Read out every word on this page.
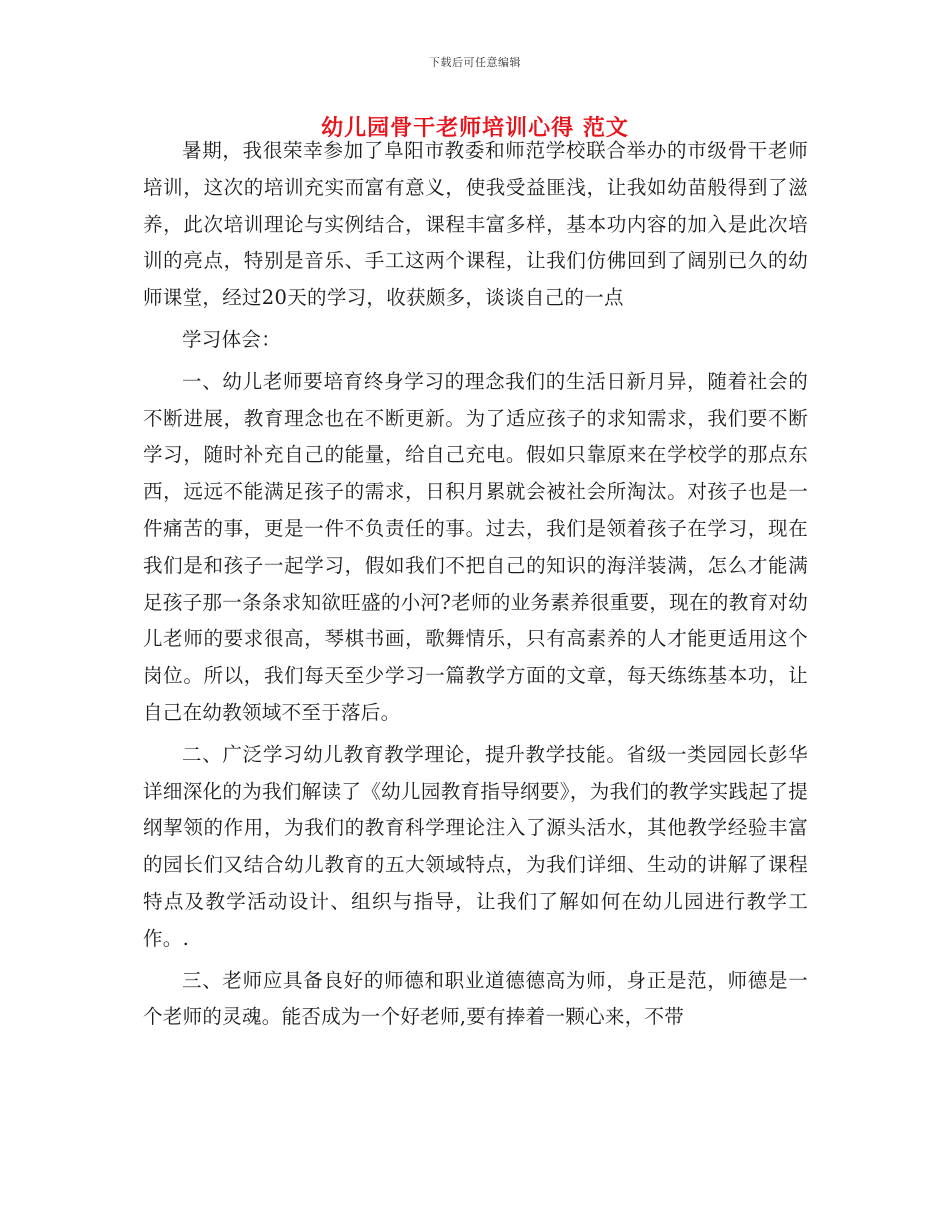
下载后可任意编辑
幼儿园骨干老师培训心得 范文

暑期，我很荣幸参加了阜阳市教委和师范学校联合举办的市级骨干老师培训，这次的培训充实而富有意义，使我受益匪浅，让我如幼苗般得到了滋养，此次培训理论与实例结合，课程丰富多样，基本功内容的加入是此次培训的亮点，特别是音乐、手工这两个课程，让我们仿佛回到了阔别已久的幼师课堂，经过20天的学习，收获颇多，谈谈自己的一点

学习体会：

一、幼儿老师要培育终身学习的理念我们的生活日新月异，随着社会的不断进展，教育理念也在不断更新。为了适应孩子的求知需求，我们要不断学习，随时补充自己的能量，给自己充电。假如只靠原来在学校学的那点东西，远远不能满足孩子的需求，日积月累就会被社会所淘汰。对孩子也是一件痛苦的事，更是一件不负责任的事。过去，我们是领着孩子在学习，现在我们是和孩子一起学习，假如我们不把自己的知识的海洋装满，怎么才能满足孩子那一条条求知欲旺盛的小河?老师的业务素养很重要，现在的教育对幼儿老师的要求很高，琴棋书画，歌舞情乐，只有高素养的人才能更适用这个岗位。所以，我们每天至少学习一篇教学方面的文章，每天练练基本功，让自己在幼教领域不至于落后。

二、广泛学习幼儿教育教学理论，提升教学技能。省级一类园园长彭华详细深化的为我们解读了《幼儿园教育指导纲要》，为我们的教学实践起了提纲挈领的作用，为我们的教育科学理论注入了源头活水，其他教学经验丰富的园长们又结合幼儿教育的五大领域特点，为我们详细、生动的讲解了课程特点及教学活动设计、组织与指导，让我们了解如何在幼儿园进行教学工作。.

三、老师应具备良好的师德和职业道德德高为师，身正是范，师德是一个老师的灵魂。能否成为一个好老师,要有捧着一颗心来，不带
